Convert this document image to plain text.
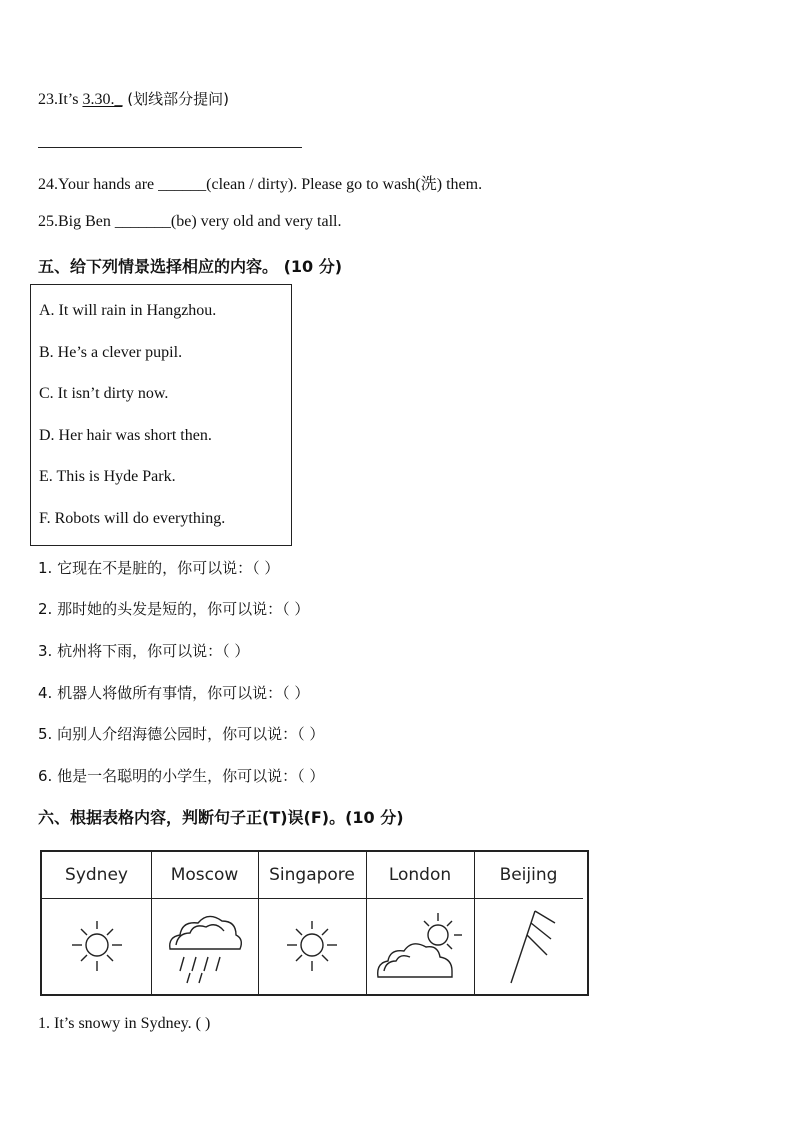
23.It’s 3.30._ (划线部分提问)
24.Your hands are ______(clean / dirty). Please go to wash(洗) them.
25.Big Ben _______(be) very old and very tall.
五、给下列情景选择相应的内容。 (10 分)
A. It will rain in Hangzhou.
B. He’s a clever pupil.
C. It isn’t dirty now.
D. Her hair was short then.
E. This is Hyde Park.
F. Robots will do everything.
1. 它现在不是脏的，你可以说：（ ）
2. 那时她的头发是短的，你可以说：（ ）
3. 杭州将下雨，你可以说：（ ）
4. 机器人将做所有事情，你可以说：（ ）
5. 向别人介绍海德公园时，你可以说：（ ）
6. 他是一名聪明的小学生，你可以说：（ ）
六、根据表格内容，判断句子正(T)误(F)。(10 分)
Sydney	Moscow	Singapore	London	Beijing
1. It’s snowy in Sydney. ( )
